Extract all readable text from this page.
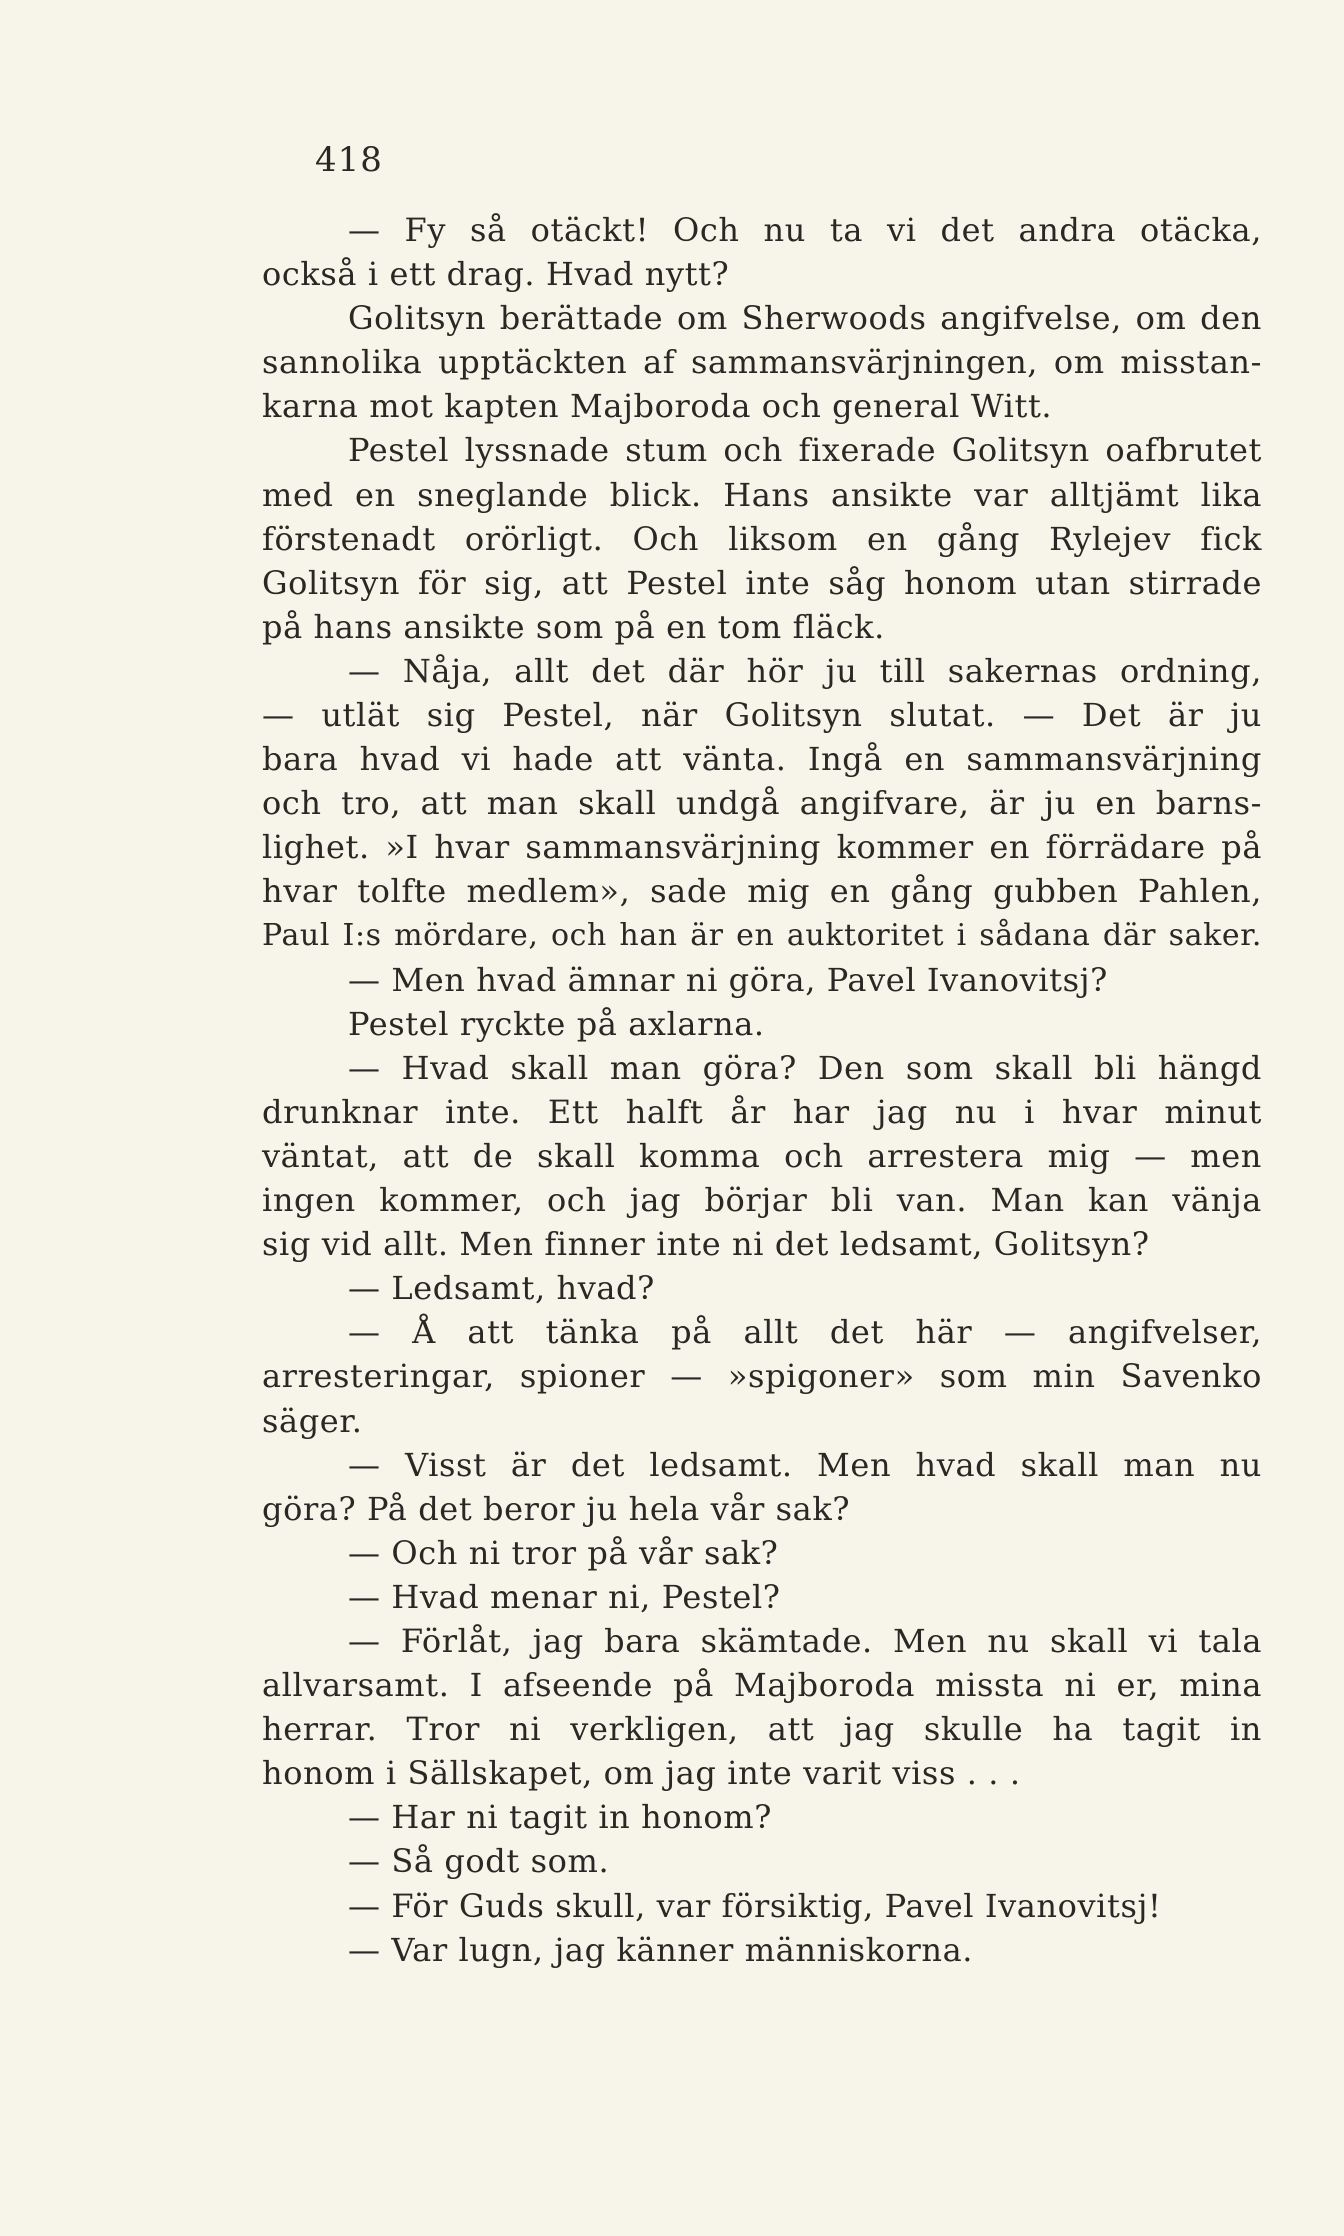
418
— Fy så otäckt! Och nu ta vi det andra otäcka,
också i ett drag. Hvad nytt?
Golitsyn berättade om Sherwoods angifvelse, om den
sannolika upptäckten af sammansvärjningen, om misstan-
karna mot kapten Majboroda och general Witt.
Pestel lyssnade stum och fixerade Golitsyn oafbrutet
med en sneglande blick. Hans ansikte var alltjämt lika
förstenadt orörligt. Och liksom en gång Rylejev fick
Golitsyn för sig, att Pestel inte såg honom utan stirrade
på hans ansikte som på en tom fläck.
— Nåja, allt det där hör ju till sakernas ordning,
— utlät sig Pestel, när Golitsyn slutat. — Det är ju
bara hvad vi hade att vänta. Ingå en sammansvärjning
och tro, att man skall undgå angifvare, är ju en barns-
lighet. »I hvar sammansvärjning kommer en förrädare på
hvar tolfte medlem», sade mig en gång gubben Pahlen,
Paul I:s mördare, och han är en auktoritet i sådana där saker.
— Men hvad ämnar ni göra, Pavel Ivanovitsj?
Pestel ryckte på axlarna.
— Hvad skall man göra? Den som skall bli hängd
drunknar inte. Ett halft år har jag nu i hvar minut
väntat, att de skall komma och arrestera mig — men
ingen kommer, och jag börjar bli van. Man kan vänja
sig vid allt. Men finner inte ni det ledsamt, Golitsyn?
— Ledsamt, hvad?
— Å att tänka på allt det här — angifvelser,
arresteringar, spioner — »spigoner» som min Savenko
säger.
— Visst är det ledsamt. Men hvad skall man nu
göra? På det beror ju hela vår sak?
— Och ni tror på vår sak?
— Hvad menar ni, Pestel?
— Förlåt, jag bara skämtade. Men nu skall vi tala
allvarsamt. I afseende på Majboroda missta ni er, mina
herrar. Tror ni verkligen, att jag skulle ha tagit in
honom i Sällskapet, om jag inte varit viss . . .
— Har ni tagit in honom?
— Så godt som.
— För Guds skull, var försiktig, Pavel Ivanovitsj!
— Var lugn, jag känner människorna.
